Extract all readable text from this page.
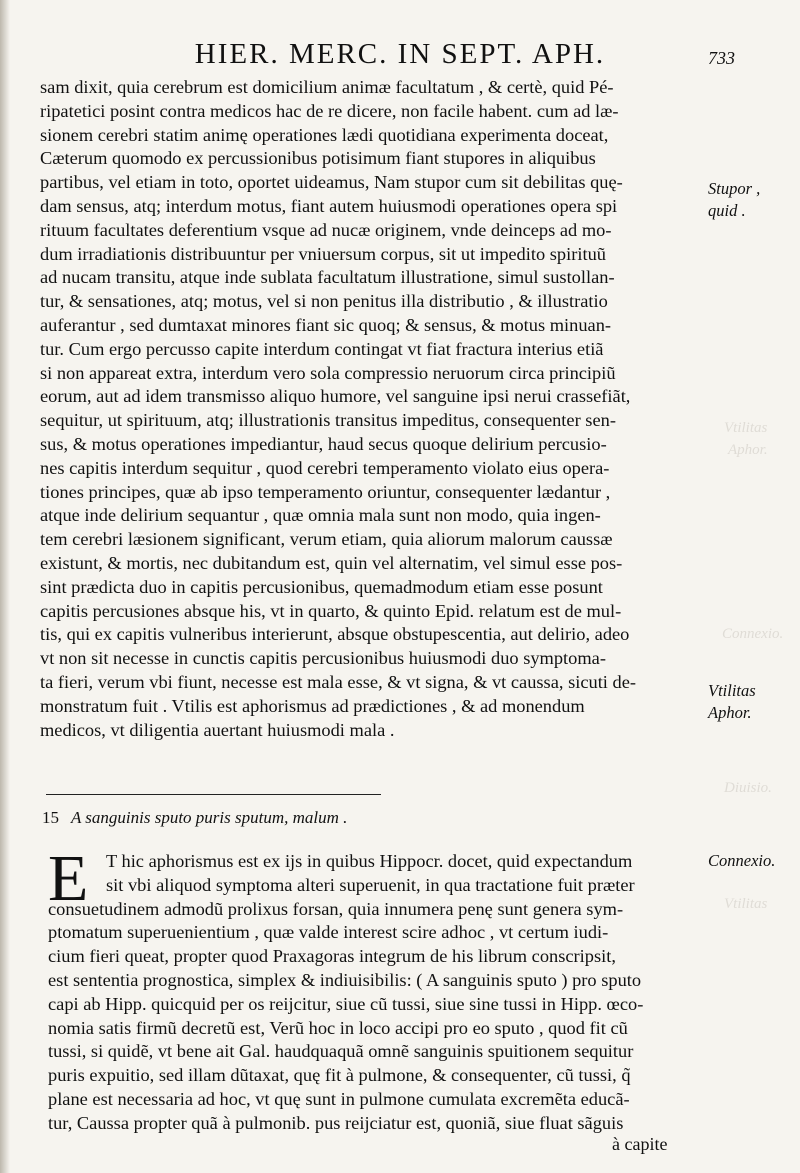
Vtilitas
Aphor.
Connexio.
Diuisio.
Vtilitas
HIER. MERC. IN SEPT. APH.	733
sam dixit, quia cerebrum est domicilium animæ facultatum , & certè, quid Pé-
ripatetici posint contra medicos hac de re dicere, non facile habent. cum ad læ-
sionem cerebri statim animę operationes lædi quotidiana experimenta doceat,
Cæterum quomodo ex percussionibus potisimum fiant stupores in aliquibus
partibus, vel etiam in toto, oportet uideamus, Nam stupor cum sit debilitas quę-
dam sensus, atq; interdum motus, fiant autem huiusmodi operationes opera spi
rituum facultates deferentium vsque ad nucæ originem, vnde deinceps ad mo-
dum irradiationis distribuuntur per vniuersum corpus, sit ut impedito spirituũ
ad nucam transitu, atque inde sublata facultatum illustratione, simul sustollan-
tur, & sensationes, atq; motus, vel si non penitus illa distributio , & illustratio
auferantur , sed dumtaxat minores fiant sic quoq; & sensus, & motus minuan-
tur. Cum ergo percusso capite interdum contingat vt fiat fractura interius etiã
si non appareat extra, interdum vero sola compressio neruorum circa principiũ
eorum, aut ad idem transmisso aliquo humore, vel sanguine ipsi nerui crassefiãt,
sequitur, ut spirituum, atq; illustrationis transitus impeditus, consequenter sen-
sus, & motus operationes impediantur, haud secus quoque delirium percusio-
nes capitis interdum sequitur , quod cerebri temperamento violato eius opera-
tiones principes, quæ ab ipso temperamento oriuntur, consequenter lædantur ,
atque inde delirium sequantur , quæ omnia mala sunt non modo, quia ingen-
tem cerebri læsionem significant, verum etiam, quia aliorum malorum caussæ
existunt, & mortis, nec dubitandum est, quin vel alternatim, vel simul esse pos-
sint prædicta duo in capitis percusionibus, quemadmodum etiam esse posunt
capitis percusiones absque his, vt in quarto, & quinto Epid. relatum est de mul-
tis, qui ex capitis vulneribus interierunt, absque obstupescentia, aut delirio, adeo
vt non sit necesse in cunctis capitis percusionibus huiusmodi duo symptoma-
ta fieri, verum vbi fiunt, necesse est mala esse, & vt signa, & vt caussa, sicuti de-
monstratum fuit . Vtilis est aphorismus ad prædictiones , & ad monendum
medicos, vt diligentia auertant huiusmodi mala .
15 A sanguinis sputo puris sputum, malum .
E T hic aphorismus est ex ijs in quibus Hippocr. docet, quid expectandum
sit vbi aliquod symptoma alteri superuenit, in qua tractatione fuit præter
consuetudinem admodũ prolixus forsan, quia innumera penę sunt genera sym-
ptomatum superuenientium , quæ valde interest scire adhoc , vt certum iudi-
cium fieri queat, propter quod Praxagoras integrum de his librum conscripsit,
est sententia prognostica, simplex & indiuisibilis: ( A sanguinis sputo ) pro sputo
capi ab Hipp. quicquid per os reijcitur, siue cũ tussi, siue sine tussi in Hipp. œco-
nomia satis firmũ decretũ est, Verũ hoc in loco accipi pro eo sputo , quod fit cũ
tussi, si quidẽ, vt bene ait Gal. haudquaquã omnẽ sanguinis spuitionem sequitur
puris expuitio, sed illam dũtaxat, quę fit à pulmone, & consequenter, cũ tussi, q̃
plane est necessaria ad hoc, vt quę sunt in pulmone cumulata excremẽta educã-
tur, Caussa propter quã à pulmonib. pus reijciatur est, quoniã, siue fluat sãguis
à capite
Stupor ,
quid .
Vtilitas
Aphor.
Connexio.
